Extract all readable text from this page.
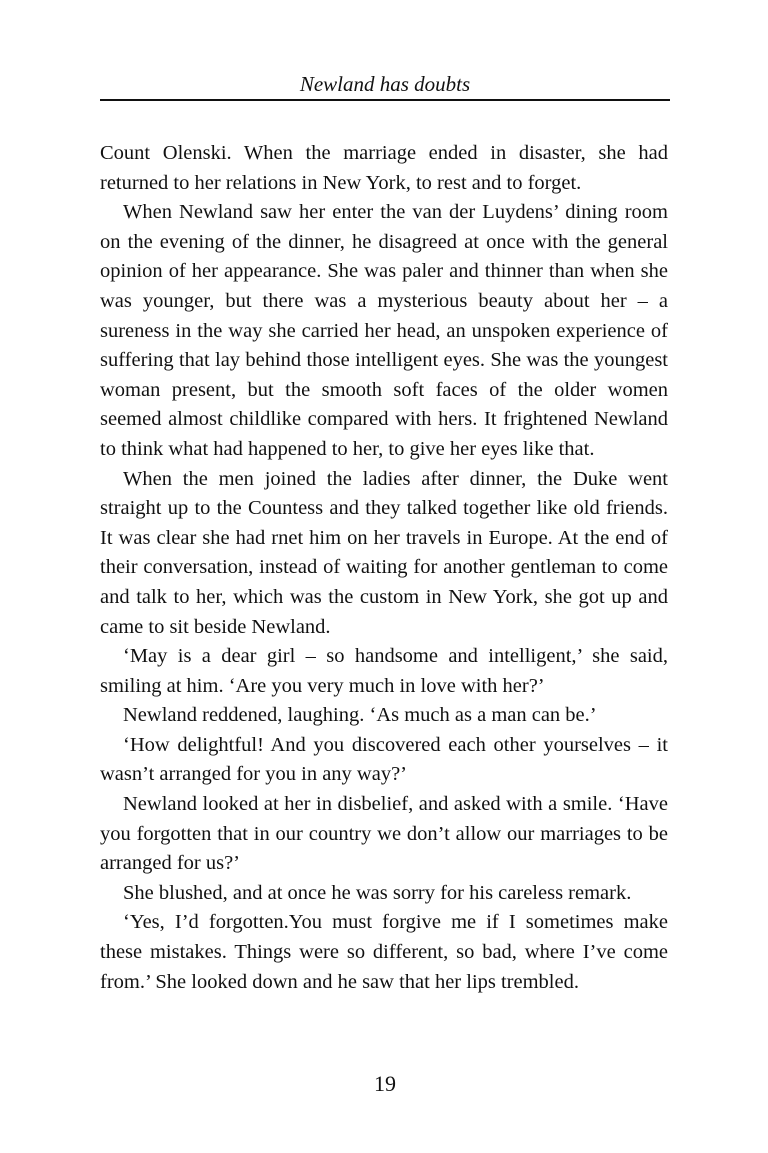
Newland has doubts

Count Olenski. When the marriage ended in disaster, she had returned to her relations in New York, to rest and to forget.

When Newland saw her enter the van der Luydens’ dining room on the evening of the dinner, he disagreed at once with the general opinion of her appearance. She was paler and thinner than when she was younger, but there was a mysterious beauty about her – a sureness in the way she carried her head, an unspoken experience of suffering that lay behind those intelligent eyes. She was the youngest woman present, but the smooth soft faces of the older women seemed almost childlike compared with hers. It frightened Newland to think what had happened to her, to give her eyes like that.

When the men joined the ladies after dinner, the Duke went straight up to the Countess and they talked together like old friends. It was clear she had rnet him on her travels in Europe. At the end of their conversation, instead of waiting for another gentleman to come and talk to her, which was the custom in New York, she got up and came to sit beside Newland.

‘May is a dear girl – so handsome and intelligent,’ she said, smiling at him. ‘Are you very much in love with her?’

Newland reddened, laughing. ‘As much as a man can be.’

‘How delightful! And you discovered each other yourselves – it wasn’t arranged for you in any way?’

Newland looked at her in disbelief, and asked with a smile. ‘Have you forgotten that in our country we don’t allow our marriages to be arranged for us?’

She blushed, and at once he was sorry for his careless remark.

‘Yes, I’d forgotten.You must forgive me if I sometimes make these mistakes. Things were so different, so bad, where I’ve come from.’ She looked down and he saw that her lips trembled.

19
